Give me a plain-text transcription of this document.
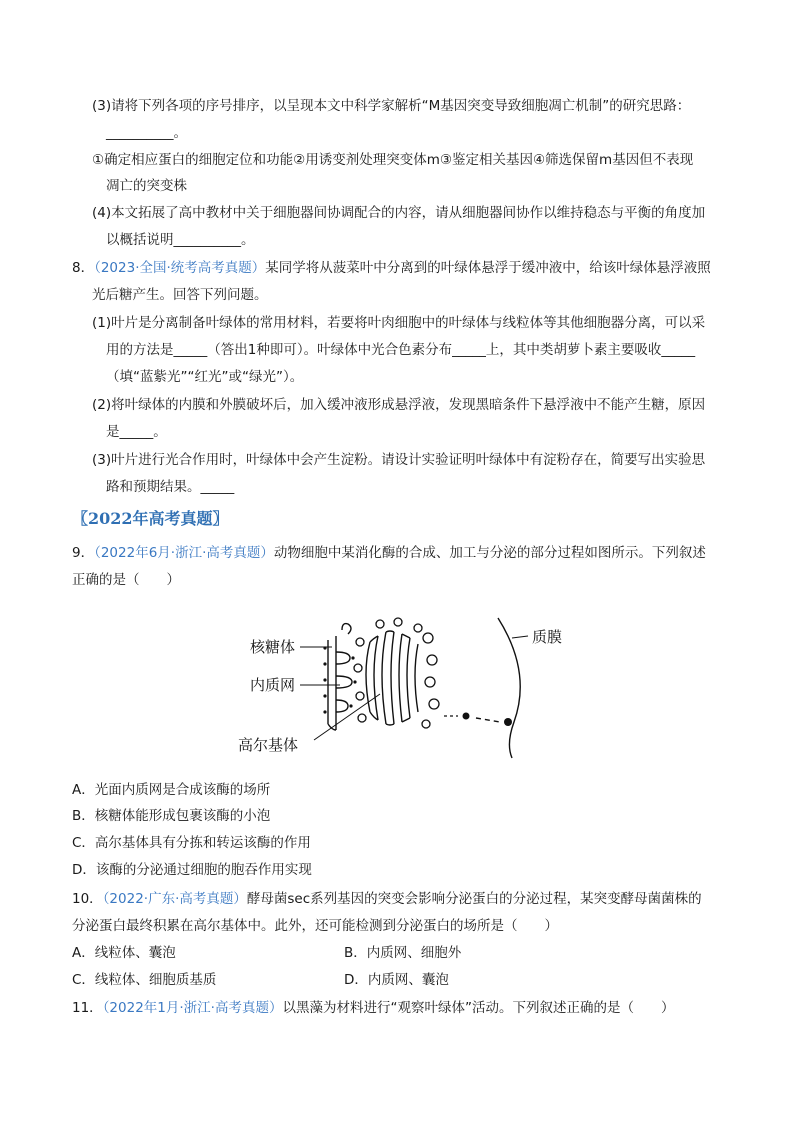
(3)请将下列各项的序号排序，以呈现本文中科学家解析“M基因突变导致细胞凋亡机制”的研究思路：
__________。
①确定相应蛋白的细胞定位和功能②用诱变剂处理突变体m③鉴定相关基因④筛选保留m基因但不表现
凋亡的突变株
(4)本文拓展了高中教材中关于细胞器间协调配合的内容，请从细胞器间协作以维持稳态与平衡的角度加
以概括说明__________。
8．（2023·全国·统考高考真题）某同学将从菠菜叶中分离到的叶绿体悬浮于缓冲液中，给该叶绿体悬浮液照
光后糖产生。回答下列问题。
(1)叶片是分离制备叶绿体的常用材料，若要将叶肉细胞中的叶绿体与线粒体等其他细胞器分离，可以采
用的方法是_____（答出1种即可）。叶绿体中光合色素分布_____上，其中类胡萝卜素主要吸收_____
（填“蓝紫光”“红光”或“绿光”）。
(2)将叶绿体的内膜和外膜破坏后，加入缓冲液形成悬浮液，发现黑暗条件下悬浮液中不能产生糖，原因
是_____。
(3)叶片进行光合作用时，叶绿体中会产生淀粉。请设计实验证明叶绿体中有淀粉存在，简要写出实验思
路和预期结果。_____
〖2022年高考真题〗
9．（2022年6月·浙江·高考真题）动物细胞中某消化酶的合成、加工与分泌的部分过程如图所示。下列叙述
正确的是（　　）
核糖体
内质网
高尔基体
质膜
A．光面内质网是合成该酶的场所
B．核糖体能形成包裹该酶的小泡
C．高尔基体具有分拣和转运该酶的作用
D．该酶的分泌通过细胞的胞吞作用实现
10．（2022·广东·高考真题）酵母菌sec系列基因的突变会影响分泌蛋白的分泌过程，某突变酵母菌菌株的
分泌蛋白最终积累在高尔基体中。此外，还可能检测到分泌蛋白的场所是（　　）
A．线粒体、囊泡	B．内质网、细胞外
C．线粒体、细胞质基质	D．内质网、囊泡
11．（2022年1月·浙江·高考真题）以黑藻为材料进行“观察叶绿体”活动。下列叙述正确的是（　　）
